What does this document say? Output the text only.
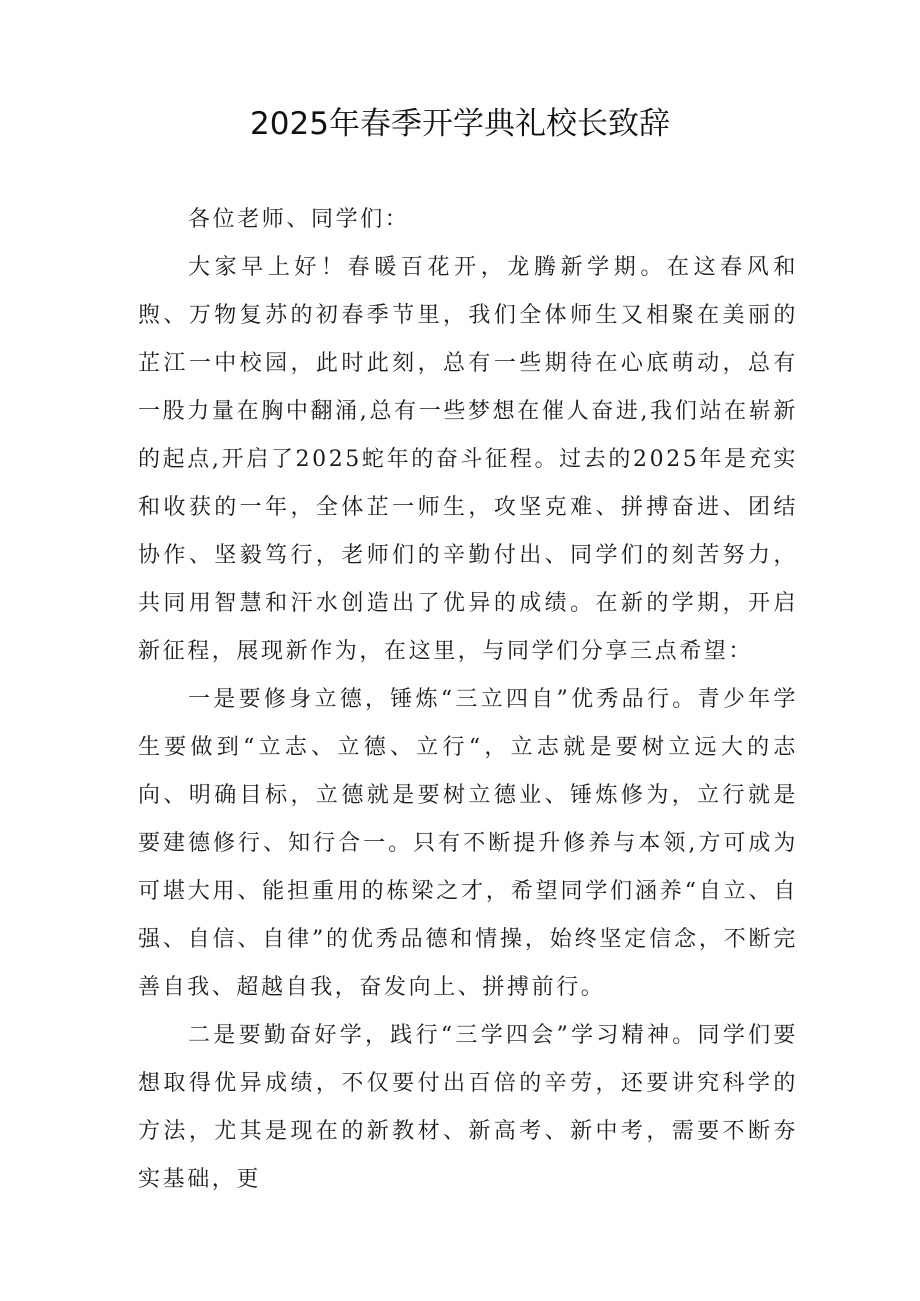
2025年春季开学典礼校长致辞

各位老师、同学们：

大家早上好！春暖百花开，龙腾新学期。在这春风和煦、万物复苏的初春季节里，我们全体师生又相聚在美丽的芷江一中校园，此时此刻，总有一些期待在心底萌动，总有一股力量在胸中翻涌,总有一些梦想在催人奋进,我们站在崭新的起点,开启了2025蛇年的奋斗征程。过去的2025年是充实和收获的一年，全体芷一师生，攻坚克难、拼搏奋进、团结协作、坚毅笃行，老师们的辛勤付出、同学们的刻苦努力，共同用智慧和汗水创造出了优异的成绩。在新的学期，开启新征程，展现新作为，在这里，与同学们分享三点希望：

一是要修身立德，锤炼“三立四自”优秀品行。青少年学生要做到“立志、立德、立行“，立志就是要树立远大的志向、明确目标，立德就是要树立德业、锤炼修为，立行就是要建德修行、知行合一。只有不断提升修养与本领,方可成为可堪大用、能担重用的栋梁之才，希望同学们涵养“自立、自强、自信、自律”的优秀品德和情操，始终坚定信念，不断完善自我、超越自我，奋发向上、拼搏前行。

二是要勤奋好学，践行“三学四会”学习精神。同学们要想取得优异成绩，不仅要付出百倍的辛劳，还要讲究科学的方法，尤其是现在的新教材、新高考、新中考，需要不断夯实基础，更
